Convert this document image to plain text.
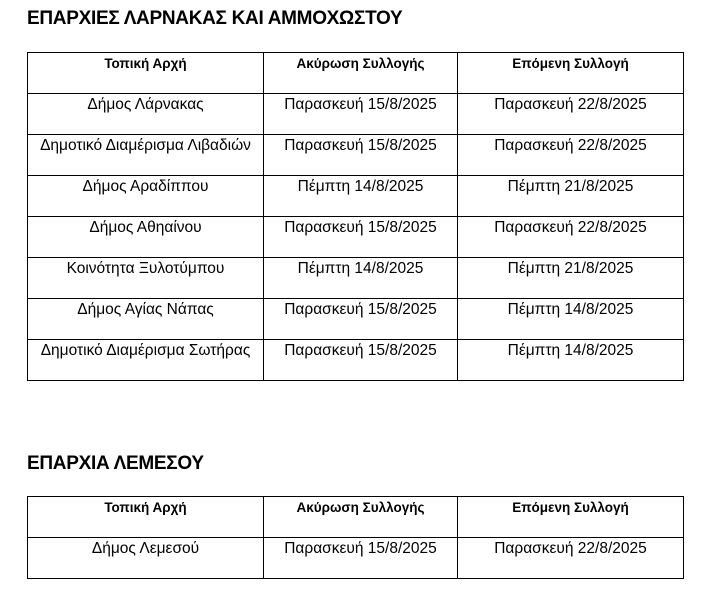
ΕΠΑΡΧΙΕΣ ΛΑΡΝΑΚΑΣ ΚΑΙ ΑΜΜΟΧΩΣΤΟΥ
Τοπική Αρχή	Ακύρωση Συλλογής	Επόμενη Συλλογή
Δήμος Λάρνακας	Παρασκευή 15/8/2025	Παρασκευή 22/8/2025
Δημοτικό Διαμέρισμα Λιβαδιών	Παρασκευή 15/8/2025	Παρασκευή 22/8/2025
Δήμος Αραδίππου	Πέμπτη 14/8/2025	Πέμπτη 21/8/2025
Δήμος Αθηαίνου	Παρασκευή 15/8/2025	Παρασκευή 22/8/2025
Κοινότητα Ξυλοτύμπου	Πέμπτη 14/8/2025	Πέμπτη 21/8/2025
Δήμος Αγίας Νάπας	Παρασκευή 15/8/2025	Πέμπτη 14/8/2025
Δημοτικό Διαμέρισμα Σωτήρας	Παρασκευή 15/8/2025	Πέμπτη 14/8/2025
ΕΠΑΡΧΙΑ ΛΕΜΕΣΟΥ
Τοπική Αρχή	Ακύρωση Συλλογής	Επόμενη Συλλογή
Δήμος Λεμεσού	Παρασκευή 15/8/2025	Παρασκευή 22/8/2025
